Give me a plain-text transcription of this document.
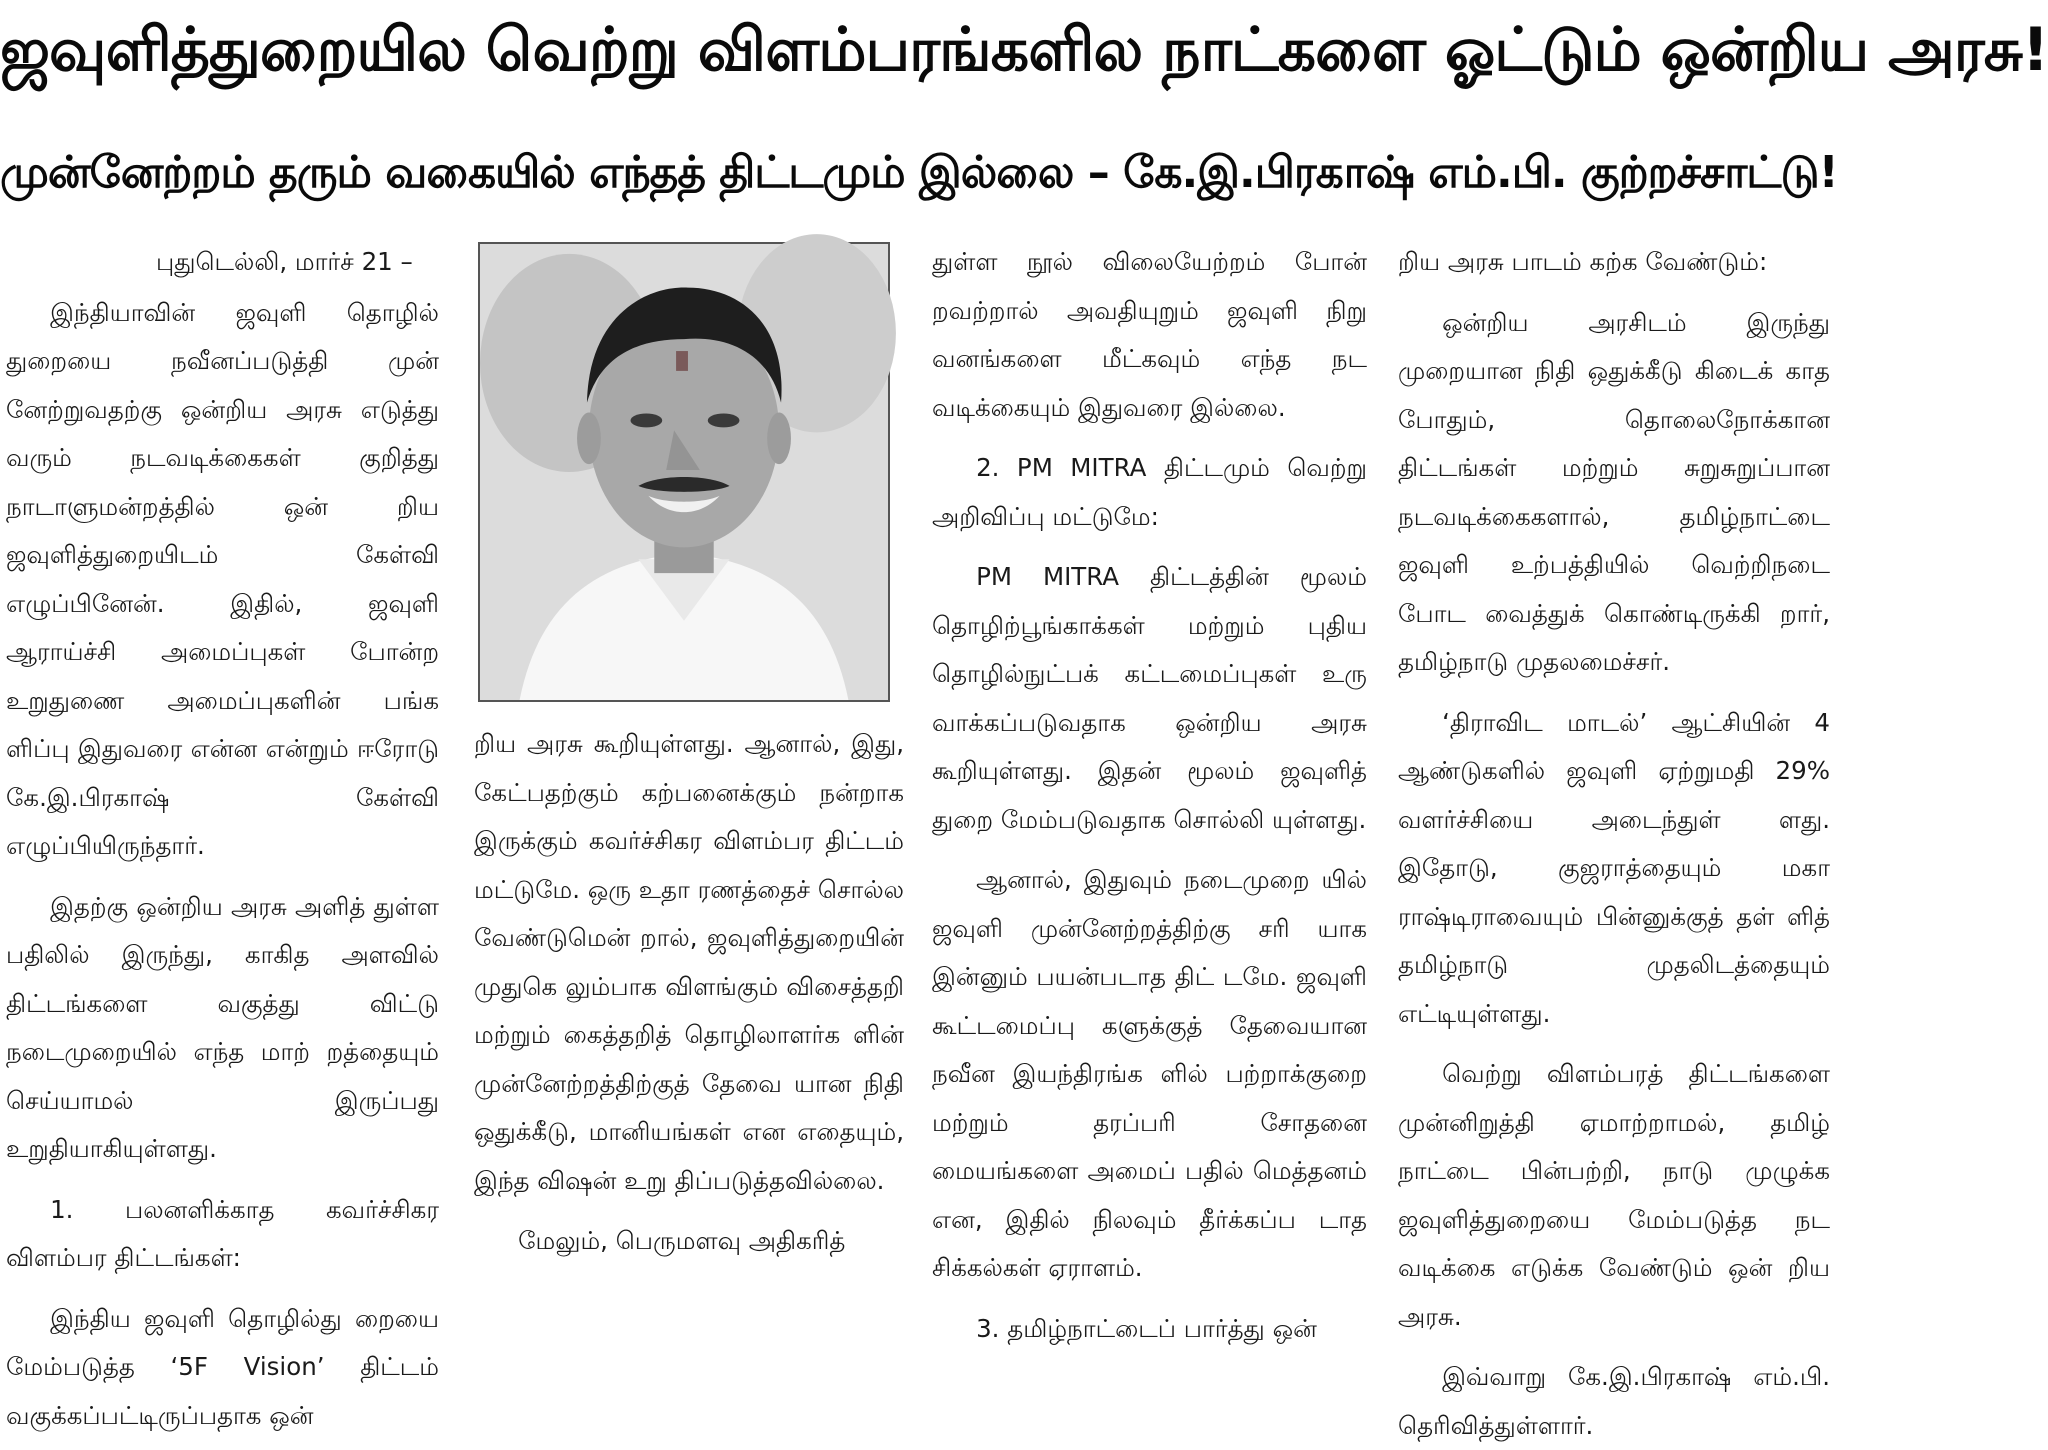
ஜவுளித்துறையில வெற்று விளம்பரங்களில நாட்களை ஓட்டும் ஒன்றிய அரசு!
முன்னேற்றம் தரும் வகையில் எந்தத் திட்டமும் இல்லை – கே.இ.பிரகாஷ் எம்.பி. குற்றச்சாட்டு!

புதுடெல்லி, மார்ச் 21 –

இந்தியாவின் ஜவுளி தொழில் துறையை நவீனப்படுத்தி முன் னேற்றுவதற்கு ஒன்றிய அரசு எடுத்து வரும் நடவடிக்கைகள் குறித்து நாடாளுமன்றத்தில் ஒன் றிய ஜவுளித்துறையிடம் கேள்வி எழுப்பினேன். இதில், ஜவுளி ஆராய்ச்சி அமைப்புகள் போன்ற உறுதுணை அமைப்புகளின் பங்க ளிப்பு இதுவரை என்ன என்றும் ஈரோடு கே.இ.பிரகாஷ் கேள்வி எழுப்பியிருந்தார்.

இதற்கு ஒன்றிய அரசு அளித் துள்ள பதிலில் இருந்து, காகித அளவில் திட்டங்களை வகுத்து விட்டு நடைமுறையில் எந்த மாற் றத்தையும் செய்யாமல் இருப்பது உறுதியாகியுள்ளது.

1. பலனளிக்காத கவர்ச்சிகர விளம்பர திட்டங்கள்:

இந்திய ஜவுளி தொழில்து றையை மேம்படுத்த ‘5F Vision’ திட்டம் வகுக்கப்பட்டிருப்பதாக ஒன்

றிய அரசு கூறியுள்ளது. ஆனால், இது, கேட்பதற்கும் கற்பனைக்கும் நன்றாக இருக்கும் கவர்ச்சிகர விளம்பர திட்டம் மட்டுமே. ஒரு உதா ரணத்தைச் சொல்ல வேண்டுமென் றால், ஜவுளித்துறையின் முதுகெ லும்பாக விளங்கும் விசைத்தறி மற்றும் கைத்தறித் தொழிலாளர்க ளின் முன்னேற்றத்திற்குத் தேவை யான நிதி ஒதுக்கீடு, மானியங்கள் என எதையும், இந்த விஷன் உறு திப்படுத்தவில்லை.

மேலும், பெருமளவு அதிகரித்

துள்ள நூல் விலையேற்றம் போன் றவற்றால் அவதியுறும் ஜவுளி நிறு வனங்களை மீட்கவும் எந்த நட வடிக்கையும் இதுவரை இல்லை.

2. PM MITRA திட்டமும் வெற்று அறிவிப்பு மட்டுமே:

PM MITRA திட்டத்தின் மூலம் தொழிற்பூங்காக்கள் மற்றும் புதிய தொழில்நுட்பக் கட்டமைப்புகள் உரு வாக்கப்படுவதாக ஒன்றிய அரசு கூறியுள்ளது. இதன் மூலம் ஜவுளித் துறை மேம்படுவதாக சொல்லி யுள்ளது.

ஆனால், இதுவும் நடைமுறை யில் ஜவுளி முன்னேற்றத்திற்கு சரி யாக இன்னும் பயன்படாத திட் டமே. ஜவுளி கூட்டமைப்பு களுக்குத் தேவையான நவீன இயந்திரங்க ளில் பற்றாக்குறை மற்றும் தரப்பரி சோதனை மையங்களை அமைப் பதில் மெத்தனம் என, இதில் நிலவும் தீர்க்கப்ப டாத சிக்கல்கள் ஏராளம்.

3. தமிழ்நாட்டைப் பார்த்து ஒன்

றிய அரசு பாடம் கற்க வேண்டும்:

ஒன்றிய அரசிடம் இருந்து முறையான நிதி ஒதுக்கீடு கிடைக் காத போதும், தொலைநோக்கான திட்டங்கள் மற்றும் சுறுசுறுப்பான நடவடிக்கைகளால், தமிழ்நாட்டை ஜவுளி உற்பத்தியில் வெற்றிநடை போட வைத்துக் கொண்டிருக்கி றார், தமிழ்நாடு முதலமைச்சர்.

‘திராவிட மாடல்’ ஆட்சியின் 4 ஆண்டுகளில் ஜவுளி ஏற்றுமதி 29% வளர்ச்சியை அடைந்துள் ளது. இதோடு, குஜராத்தையும் மகா ராஷ்டிராவையும் பின்னுக்குத் தள் ளித் தமிழ்நாடு முதலிடத்தையும் எட்டியுள்ளது.

வெற்று விளம்பரத் திட்டங்களை முன்னிறுத்தி ஏமாற்றாமல், தமிழ் நாட்டை பின்பற்றி, நாடு முழுக்க ஜவுளித்துறையை மேம்படுத்த நட வடிக்கை எடுக்க வேண்டும் ஒன் றிய அரசு.

இவ்வாறு கே.இ.பிரகாஷ் எம்.பி. தெரிவித்துள்ளார்.
